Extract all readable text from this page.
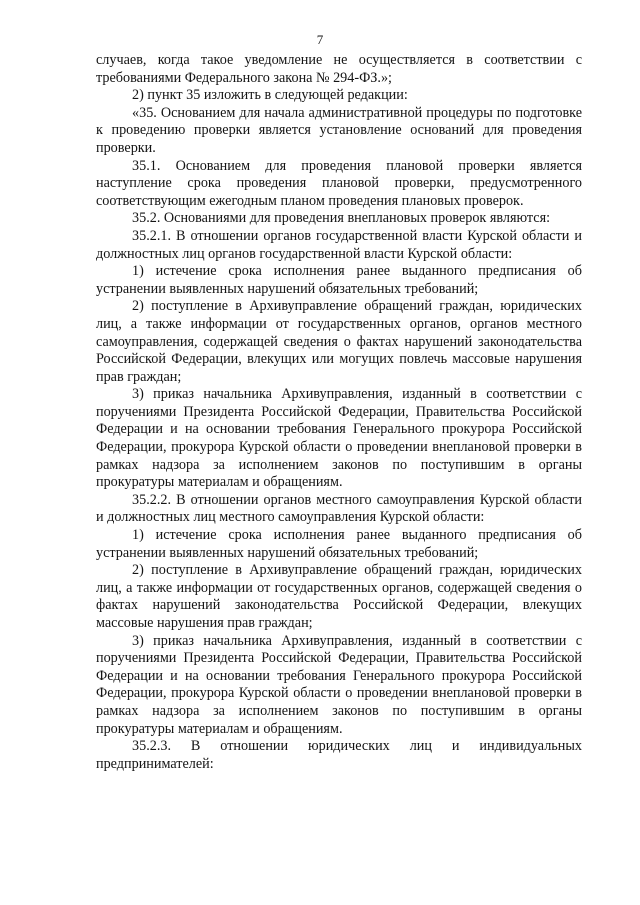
7

случаев, когда такое уведомление не осуществляется в соответствии с требованиями Федерального закона № 294-ФЗ.»;

2) пункт 35 изложить в следующей редакции:

«35. Основанием для начала административной процедуры по подготовке к проведению проверки является установление оснований для проведения проверки.

35.1. Основанием для проведения плановой проверки является наступление срока проведения плановой проверки, предусмотренного соответствующим ежегодным планом проведения плановых проверок.

35.2. Основаниями для проведения внеплановых проверок являются:

35.2.1. В отношении органов государственной власти Курской области и должностных лиц органов государственной власти Курской области:

1) истечение срока исполнения ранее выданного предписания об устранении выявленных нарушений обязательных требований;

2) поступление в Архивуправление обращений граждан, юридических лиц, а также информации от государственных органов, органов местного самоуправления, содержащей сведения о фактах нарушений законодательства Российской Федерации, влекущих или могущих повлечь массовые нарушения прав граждан;

3) приказ начальника Архивуправления, изданный в соответствии с поручениями Президента Российской Федерации, Правительства Российской Федерации и на основании требования Генерального прокурора Российской Федерации, прокурора Курской области о проведении внеплановой проверки в рамках надзора за исполнением законов по поступившим в органы прокуратуры материалам и обращениям.

35.2.2. В отношении органов местного самоуправления Курской области и должностных лиц местного самоуправления Курской области:

1) истечение срока исполнения ранее выданного предписания об устранении выявленных нарушений обязательных требований;

2) поступление в Архивуправление обращений граждан, юридических лиц, а также информации от государственных органов, содержащей сведения о фактах нарушений законодательства Российской Федерации, влекущих массовые нарушения прав граждан;

3) приказ начальника Архивуправления, изданный в соответствии с поручениями Президента Российской Федерации, Правительства Российской Федерации и на основании требования Генерального прокурора Российской Федерации, прокурора Курской области о проведении внеплановой проверки в рамках надзора за исполнением законов по поступившим в органы прокуратуры материалам и обращениям.

35.2.3. В отношении юридических лиц и индивидуальных предпринимателей:
